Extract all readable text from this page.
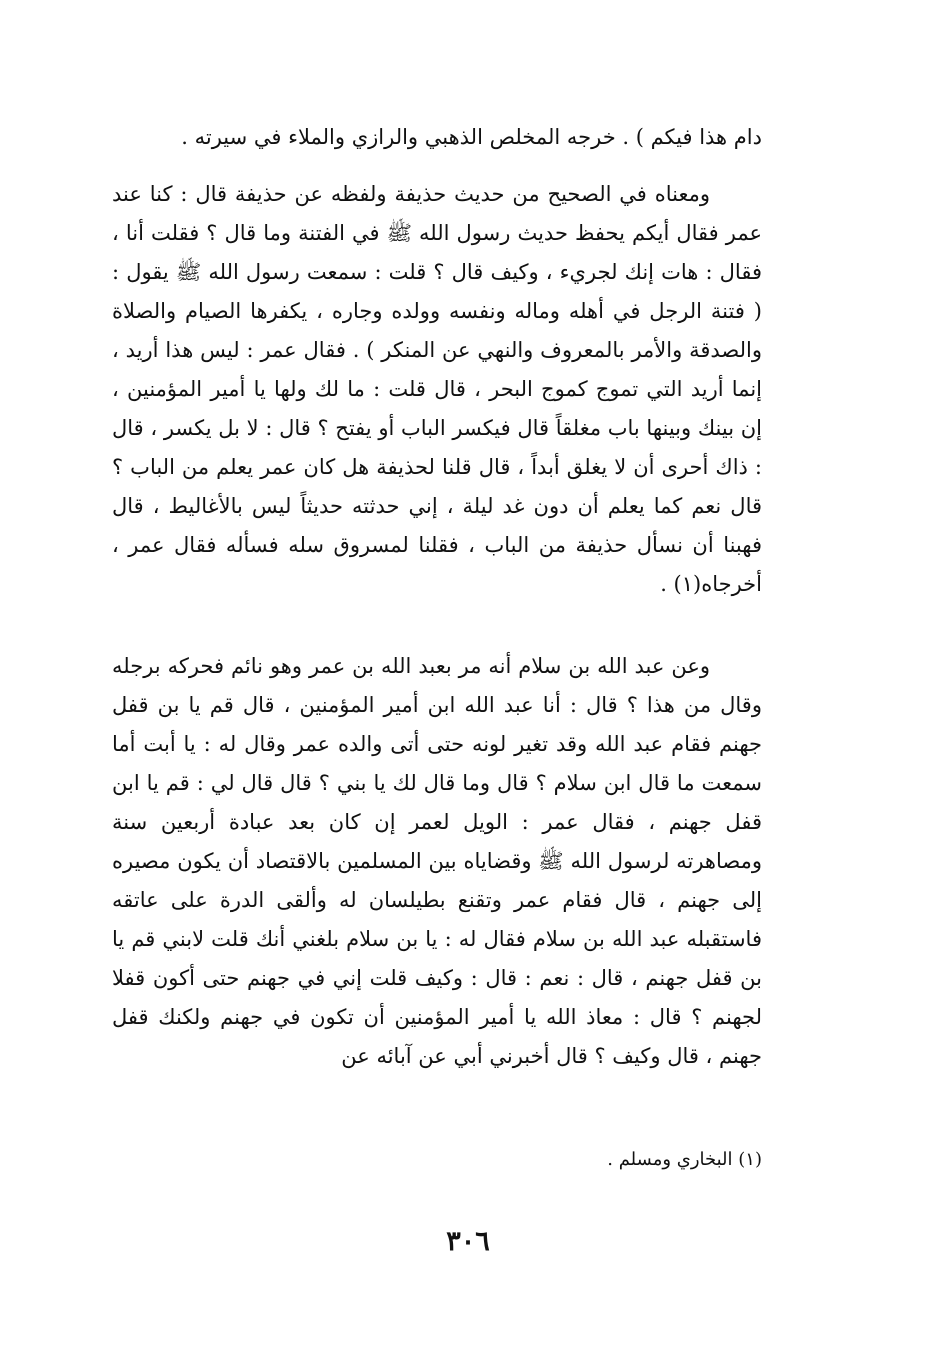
دام هذا فيكم ) . خرجه المخلص الذهبي والرازي والملاء في سيرته .

ومعناه في الصحيح من حديث حذيفة ولفظه عن حذيفة قال : كنا عند عمر فقال أيكم يحفظ حديث رسول الله ﷺ في الفتنة وما قال ؟ فقلت أنا ، فقال : هات إنك لجريء ، وكيف قال ؟ قلت : سمعت رسول الله ﷺ يقول : ( فتنة الرجل في أهله وماله ونفسه وولده وجاره ، يكفرها الصيام والصلاة والصدقة والأمر بالمعروف والنهي عن المنكر ) . فقال عمر : ليس هذا أريد ، إنما أريد التي تموج كموج البحر ، قال قلت : ما لك ولها يا أمير المؤمنين ، إن بينك وبينها باب مغلقاً قال فيكسر الباب أو يفتح ؟ قال : لا بل يكسر ، قال : ذاك أحرى أن لا يغلق أبداً ، قال قلنا لحذيفة هل كان عمر يعلم من الباب ؟ قال نعم كما يعلم أن دون غد ليلة ، إني حدثته حديثاً ليس بالأغاليط ، قال فهبنا أن نسأل حذيفة من الباب ، فقلنا لمسروق سله فسأله فقال عمر ، أخرجاه(١) .

وعن عبد الله بن سلام أنه مر بعبد الله بن عمر وهو نائم فحركه برجله وقال من هذا ؟ قال : أنا عبد الله ابن أمير المؤمنين ، قال قم يا بن قفل جهنم فقام عبد الله وقد تغير لونه حتى أتى والده عمر وقال له : يا أبت أما سمعت ما قال ابن سلام ؟ قال وما قال لك يا بني ؟ قال قال لي : قم يا ابن قفل جهنم ، فقال عمر : الويل لعمر إن كان بعد عبادة أربعين سنة ومصاهرته لرسول الله ﷺ وقضاياه بين المسلمين بالاقتصاد أن يكون مصيره إلى جهنم ، قال فقام عمر وتقنع بطيلسان له وألقى الدرة على عاتقه فاستقبله عبد الله بن سلام فقال له : يا بن سلام بلغني أنك قلت لابني قم يا بن قفل جهنم ، قال : نعم : قال : وكيف قلت إني في جهنم حتى أكون قفلا لجهنم ؟ قال : معاذ الله يا أمير المؤمنين أن تكون في جهنم ولكنك قفل جهنم ، قال وكيف ؟ قال أخبرني أبي عن آبائه عن

(١) البخاري ومسلم .

٣٠٦
